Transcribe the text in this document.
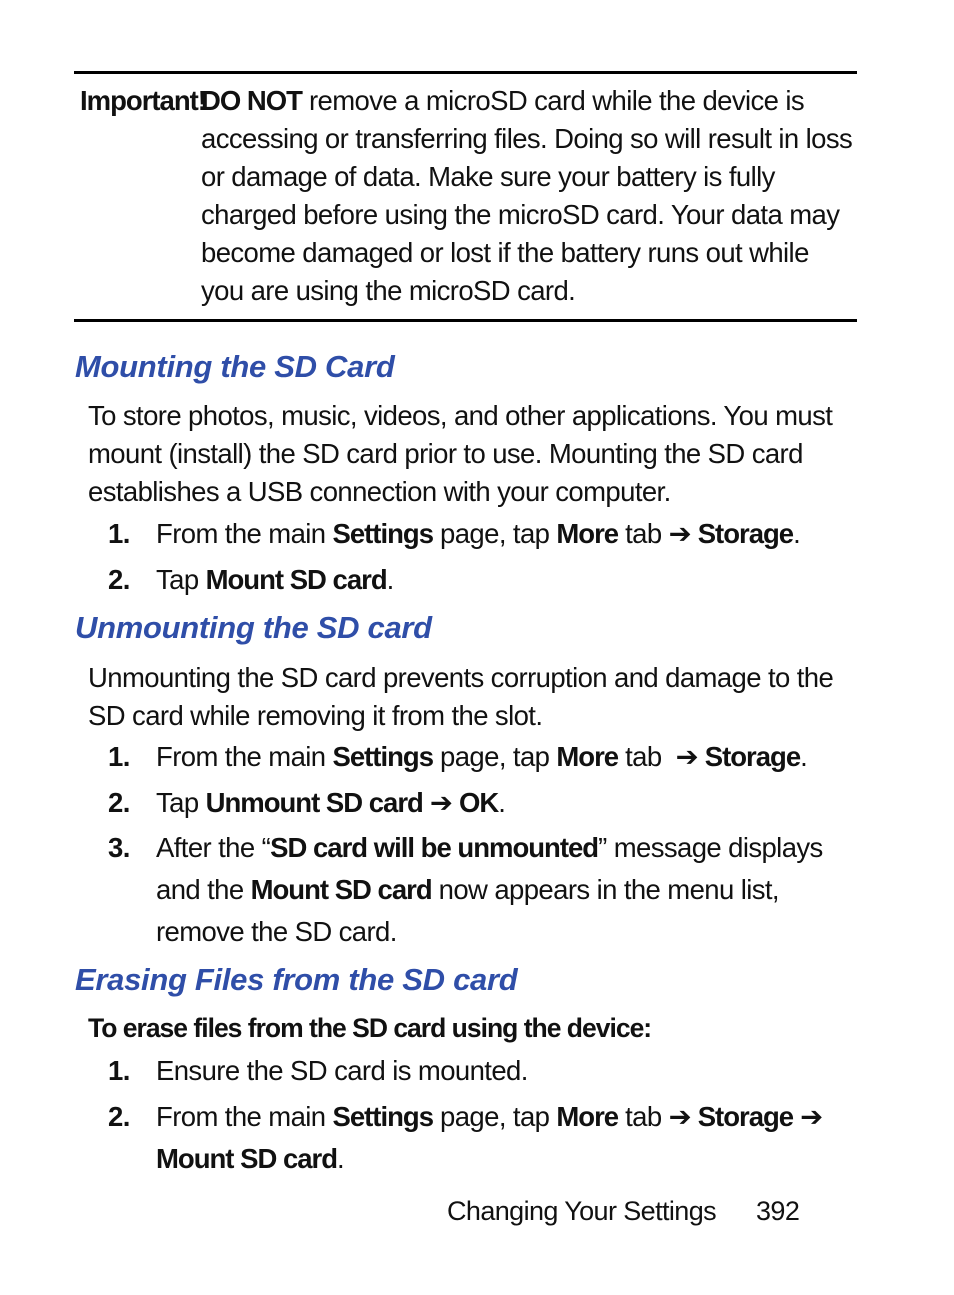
Important!
DO NOT remove a microSD card while the device is accessing or transferring files. Doing so will result in loss or damage of data. Make sure your battery is fully charged before using the microSD card. Your data may become damaged or lost if the battery runs out while you are using the microSD card.
Mounting the SD Card

To store photos, music, videos, and other applications. You must mount (install) the SD card prior to use. Mounting the SD card establishes a USB connection with your computer.

1. From the main Settings page, tap More tab ➔ Storage.
2. Tap Mount SD card.
Unmounting the SD card

Unmounting the SD card prevents corruption and damage to the SD card while removing it from the slot.

1. From the main Settings page, tap More tab  ➔ Storage.
2. Tap Unmount SD card ➔ OK.
3. After the “SD card will be unmounted” message displays and the Mount SD card now appears in the menu list, remove the SD card.
Erasing Files from the SD card
To erase files from the SD card using the device:
1. Ensure the SD card is mounted.
2. From the main Settings page, tap More tab ➔ Storage ➔
Mount SD card.
Changing Your Settings 392
